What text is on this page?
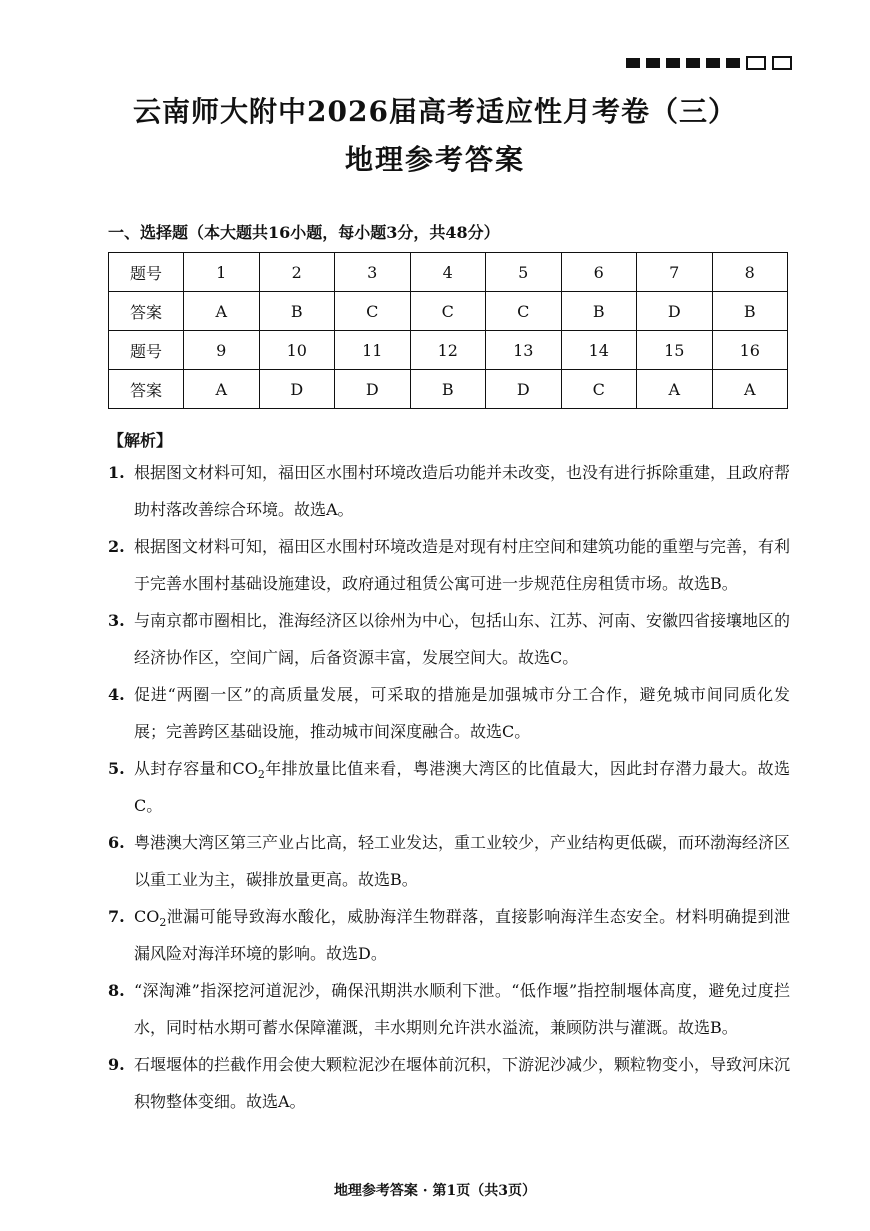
云南师大附中2026届高考适应性月考卷（三）
地理参考答案
一、选择题（本大题共16小题，每小题3分，共48分）
题号	1	2	3	4	5	6	7	8
答案	A	B	C	C	C	B	D	B
题号	9	10	11	12	13	14	15	16
答案	A	D	D	B	D	C	A	A
【解析】
1. 根据图文材料可知，福田区水围村环境改造后功能并未改变，也没有进行拆除重建，且政府帮助村落改善综合环境。故选A。
2. 根据图文材料可知，福田区水围村环境改造是对现有村庄空间和建筑功能的重塑与完善，有利于完善水围村基础设施建设，政府通过租赁公寓可进一步规范住房租赁市场。故选B。
3. 与南京都市圈相比，淮海经济区以徐州为中心，包括山东、江苏、河南、安徽四省接壤地区的经济协作区，空间广阔，后备资源丰富，发展空间大。故选C。
4. 促进“两圈一区”的高质量发展，可采取的措施是加强城市分工合作，避免城市间同质化发展；完善跨区基础设施，推动城市间深度融合。故选C。
5. 从封存容量和$CO_2$年排放量比值来看，粤港澳大湾区的比值最大，因此封存潜力最大。故选C。
6. 粤港澳大湾区第三产业占比高，轻工业发达，重工业较少，产业结构更低碳，而环渤海经济区以重工业为主，碳排放量更高。故选B。
7. $CO_2$泄漏可能导致海水酸化，威胁海洋生物群落，直接影响海洋生态安全。材料明确提到泄漏风险对海洋环境的影响。故选D。
8. “深淘滩”指深挖河道泥沙，确保汛期洪水顺利下泄。“低作堰”指控制堰体高度，避免过度拦水，同时枯水期可蓄水保障灌溉，丰水期则允许洪水溢流，兼顾防洪与灌溉。故选B。
9. 石堰堰体的拦截作用会使大颗粒泥沙在堰体前沉积，下游泥沙减少，颗粒物变小，导致河床沉积物整体变细。故选A。
地理参考答案 · 第1页（共3页）
